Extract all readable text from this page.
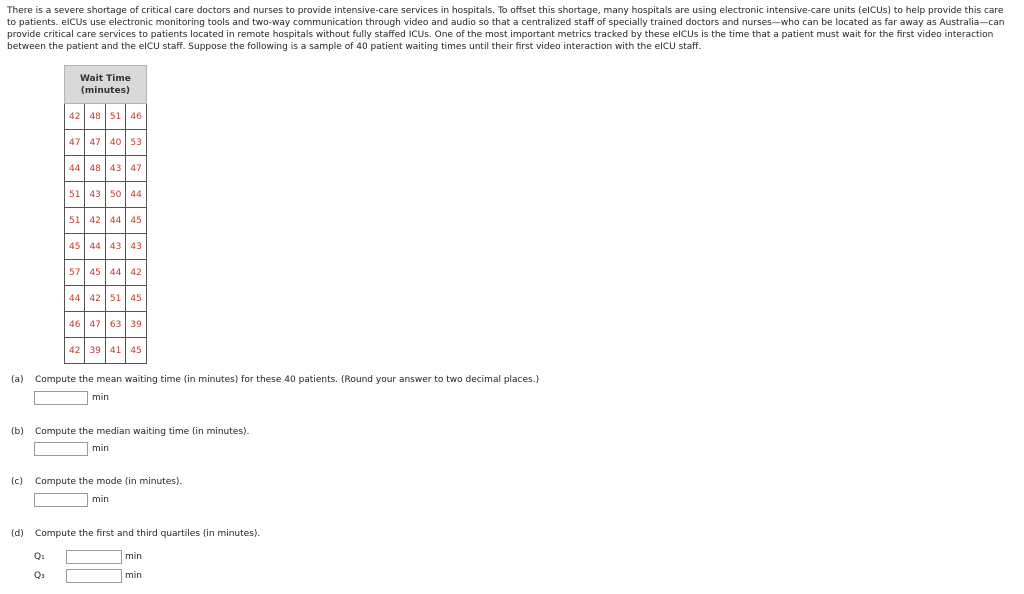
There is a severe shortage of critical care doctors and nurses to provide intensive-care services in hospitals. To offset this shortage, many hospitals are using electronic intensive-care units (eICUs) to help provide this care to patients. eICUs use electronic monitoring tools and two-way communication through video and audio so that a centralized staff of specially trained doctors and nurses—who can be located as far away as Australia—can provide critical care services to patients located in remote hospitals without fully staffed ICUs. One of the most important metrics tracked by these eICUs is the time that a patient must wait for the first video interaction between the patient and the eICU staff. Suppose the following is a sample of 40 patient waiting times until their first video interaction with the eICU staff.

Wait Time
(minutes)			
42	48	51	46
47	47	40	53
44	48	43	47
51	43	50	44
51	42	44	45
45	44	43	43
57	45	44	42
44	42	51	45
46	47	63	39
42	39	41	45

(a) Compute the mean waiting time (in minutes) for these 40 patients. (Round your answer to two decimal places.)

min

(b) Compute the median waiting time (in minutes).

min

(c) Compute the mode (in minutes).

min

(d) Compute the first and third quartiles (in minutes).

Q₁	min
Q₃	min
